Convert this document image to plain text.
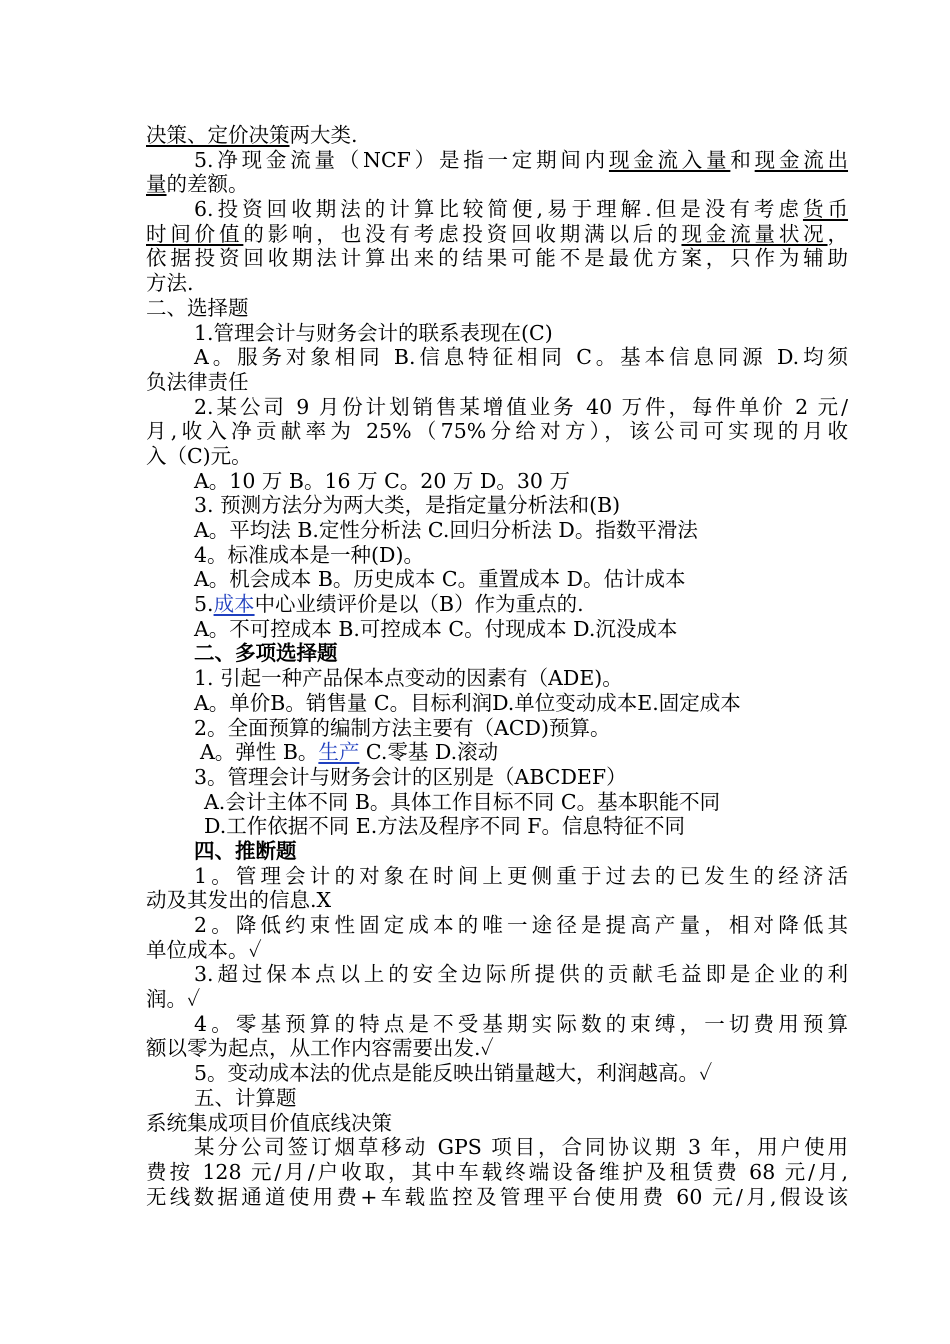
决策、定价决策两大类.
5.净现金流量（NCF）是指一定期间内现金流入量和现金流出
量的差额。
6.投资回收期法的计算比较简便,易于理解.但是没有考虑货币
时间价值的影响，也没有考虑投资回收期满以后的现金流量状况，
依据投资回收期法计算出来的结果可能不是最优方案，只作为辅助
方法.
二、选择题
1.管理会计与财务会计的联系表现在(C)
A。服务对象相同 B.信息特征相同 C。基本信息同源 D.均须
负法律责任
2.某公司 9 月份计划销售某增值业务 40 万件，每件单价 2 元/
月,收入净贡献率为 25%（75%分给对方），该公司可实现的月收
入（C)元。
A。10 万 B。16 万 C。20 万 D。30 万
3. 预测方法分为两大类，是指定量分析法和(B)
A。平均法 B.定性分析法 C.回归分析法 D。指数平滑法
4。标准成本是一种(D)。
A。机会成本 B。历史成本 C。重置成本 D。估计成本
5.成本中心业绩评价是以（B）作为重点的.
A。不可控成本 B.可控成本 C。付现成本 D.沉没成本
二、多项选择题
1. 引起一种产品保本点变动的因素有（ADE)。
A。单价B。销售量 C。目标利润D.单位变动成本E.固定成本
2。全面预算的编制方法主要有（ACD)预算。
A。弹性 B。生产 C.零基 D.滚动
3。管理会计与财务会计的区别是（ABCDEF）
A.会计主体不同 B。具体工作目标不同 C。基本职能不同
D.工作依据不同 E.方法及程序不同 F。信息特征不同
四、推断题
1。管理会计的对象在时间上更侧重于过去的已发生的经济活
动及其发出的信息.X
2。降低约束性固定成本的唯一途径是提高产量，相对降低其
单位成本。✓
3.超过保本点以上的安全边际所提供的贡献毛益即是企业的利
润。✓
4。零基预算的特点是不受基期实际数的束缚，一切费用预算
额以零为起点，从工作内容需要出发.✓
5。变动成本法的优点是能反映出销量越大，利润越高。✓
五、计算题
系统集成项目价值底线决策
某分公司签订烟草移动 GPS 项目，合同协议期 3 年，用户使用
费按 128 元/月/户收取，其中车载终端设备维护及租赁费 68 元/月,
无线数据通道使用费+车载监控及管理平台使用费 60 元/月,假设该
